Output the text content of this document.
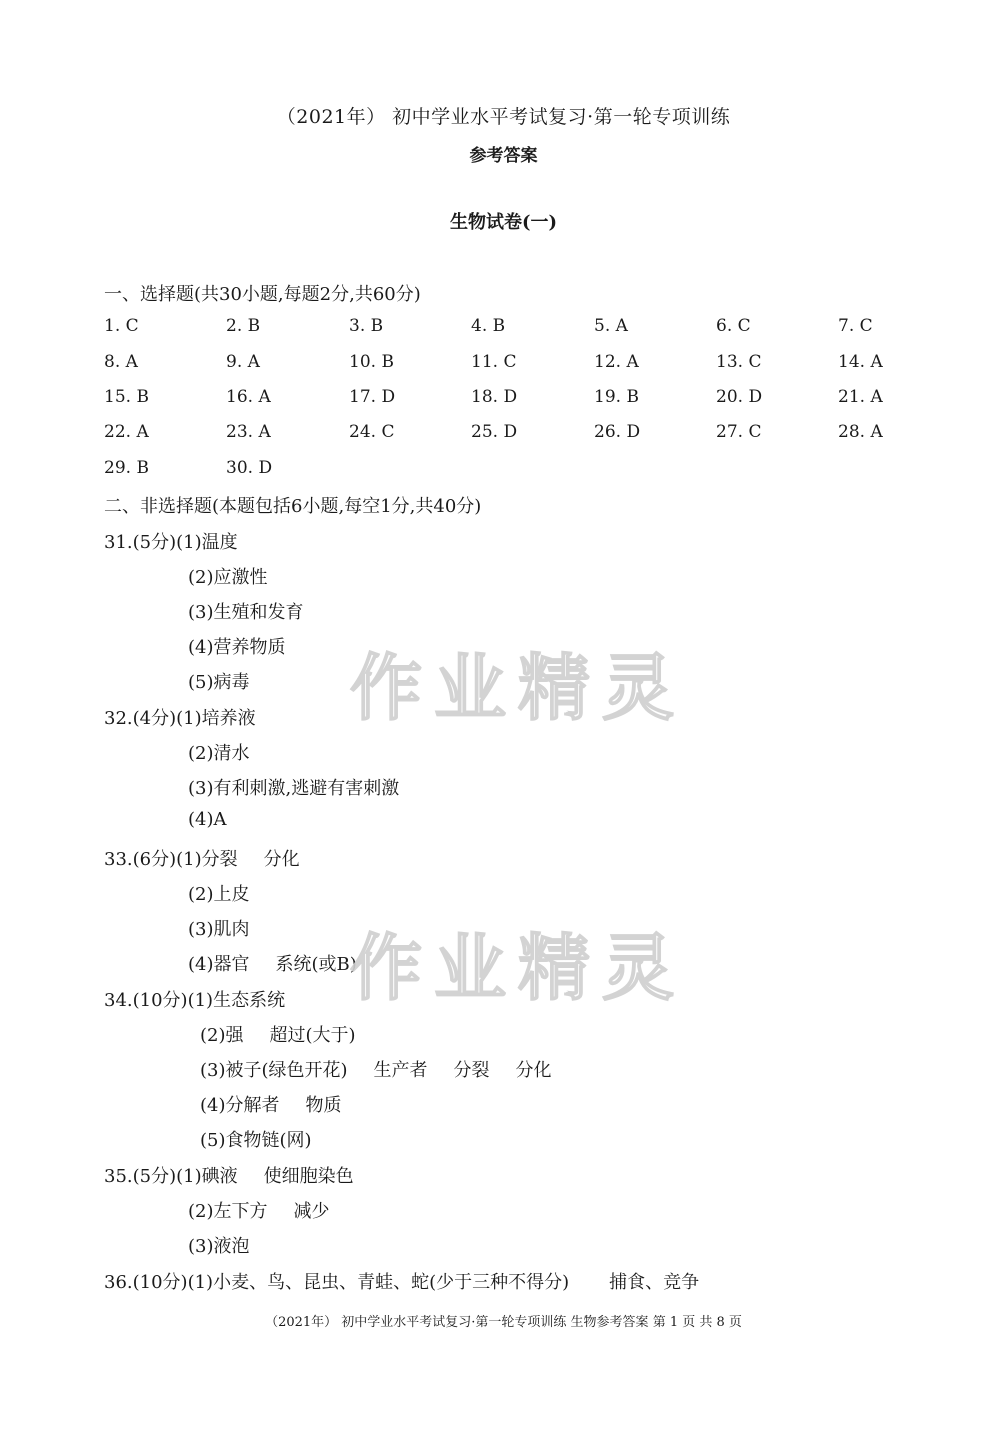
（2021年） 初中学业水平考试复习·第一轮专项训练
参考答案
生物试卷(一)
一、选择题(共30小题,每题2分,共60分)
1. C	2. B	3. B	4. B	5. A	6. C	7. C
8. A	9. A	10. B	11. C	12. A	13. C	14. A
15. B	16. A	17. D	18. D	19. B	20. D	21. A
22. A	23. A	24. C	25. D	26. D	27. C	28. A
29. B	30. D
二、非选择题(本题包括6小题,每空1分,共40分)
31.(5分)(1)温度
(2)应激性
(3)生殖和发育
(4)营养物质
(5)病毒
32.(4分)(1)培养液
(2)清水
(3)有利刺激,逃避有害刺激
(4)A
33.(6分)(1)分裂 分化
(2)上皮
(3)肌肉
(4)器官 系统(或B)
34.(10分)(1)生态系统
(2)强 超过(大于)
(3)被子(绿色开花) 生产者 分裂 分化
(4)分解者 物质
(5)食物链(网)
35.(5分)(1)碘液 使细胞染色
(2)左下方 减少
(3)液泡
36.(10分)(1)小麦、鸟、昆虫、青蛙、蛇(少于三种不得分) 捕食、竞争
作业精灵
作业精灵
（2021年） 初中学业水平考试复习·第一轮专项训练 生物参考答案 第 1 页 共 8 页
